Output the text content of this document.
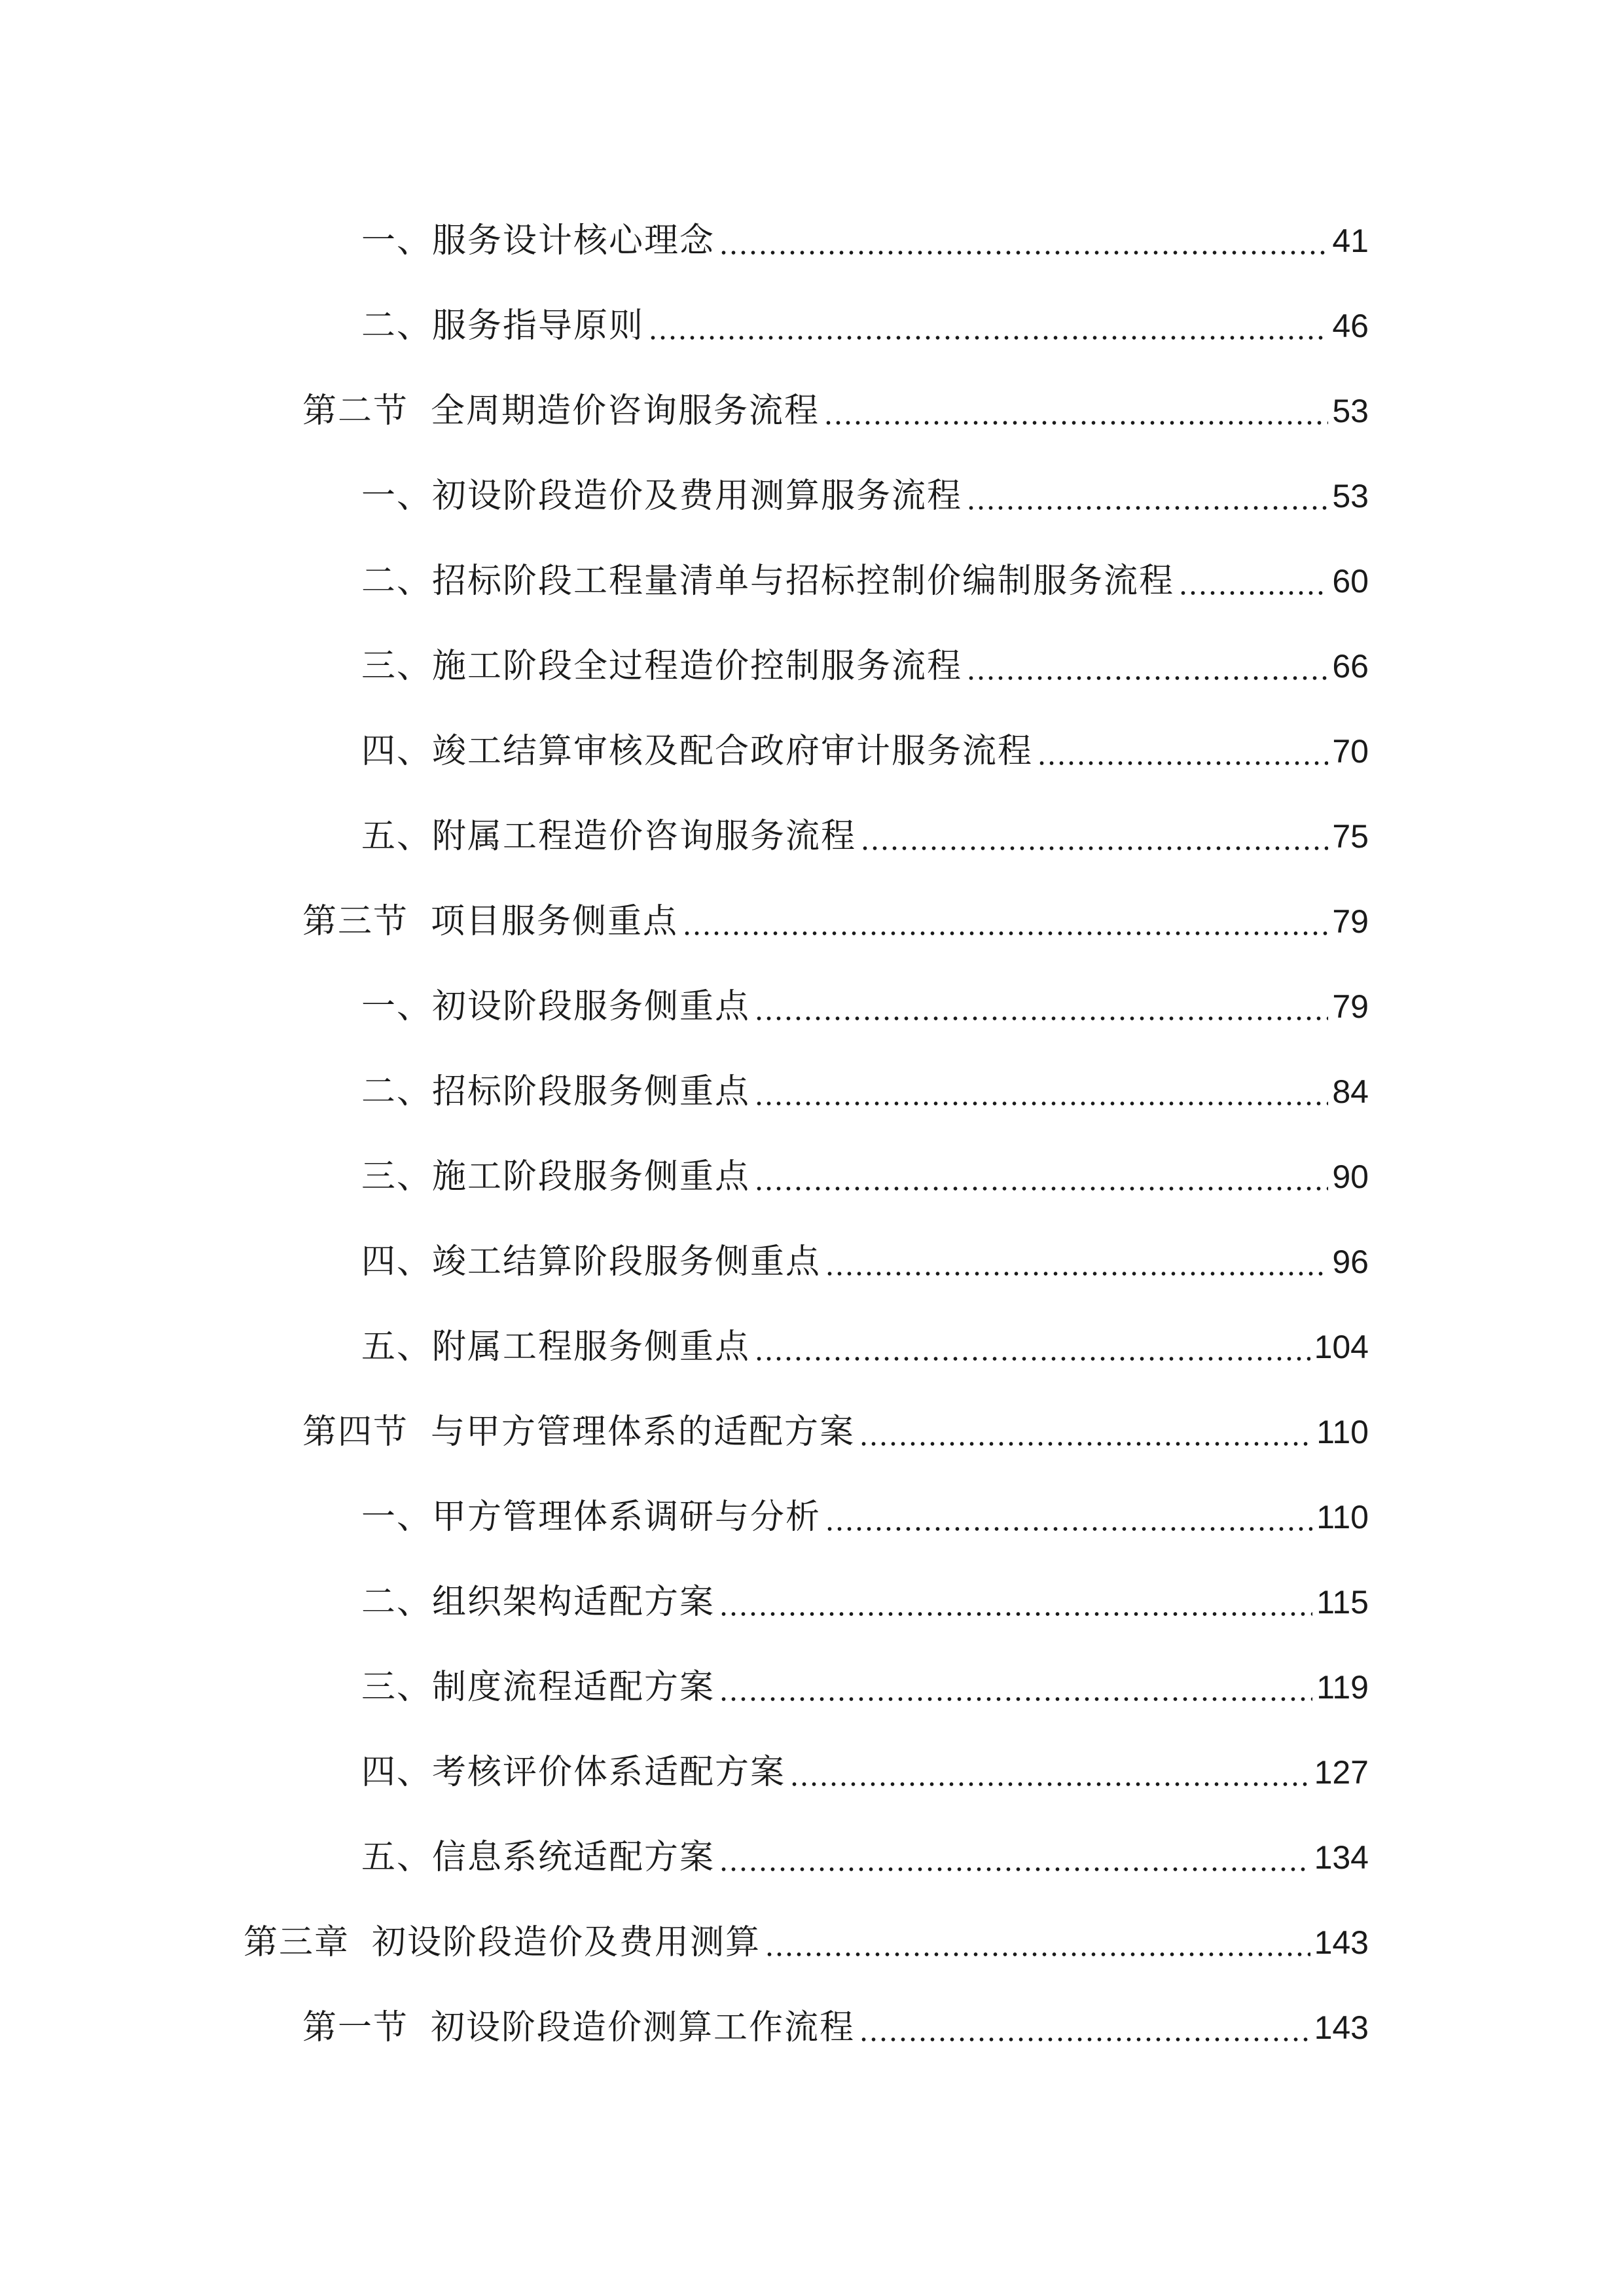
一、服务设计核心理念	41
二、服务指导原则	46
第二节 全周期造价咨询服务流程	53
一、初设阶段造价及费用测算服务流程	53
二、招标阶段工程量清单与招标控制价编制服务流程	60
三、施工阶段全过程造价控制服务流程	66
四、竣工结算审核及配合政府审计服务流程	70
五、附属工程造价咨询服务流程	75
第三节 项目服务侧重点	79
一、初设阶段服务侧重点	79
二、招标阶段服务侧重点	84
三、施工阶段服务侧重点	90
四、竣工结算阶段服务侧重点	96
五、附属工程服务侧重点	104
第四节 与甲方管理体系的适配方案	110
一、甲方管理体系调研与分析	110
二、组织架构适配方案	115
三、制度流程适配方案	119
四、考核评价体系适配方案	127
五、信息系统适配方案	134
第三章 初设阶段造价及费用测算	143
第一节 初设阶段造价测算工作流程	143
